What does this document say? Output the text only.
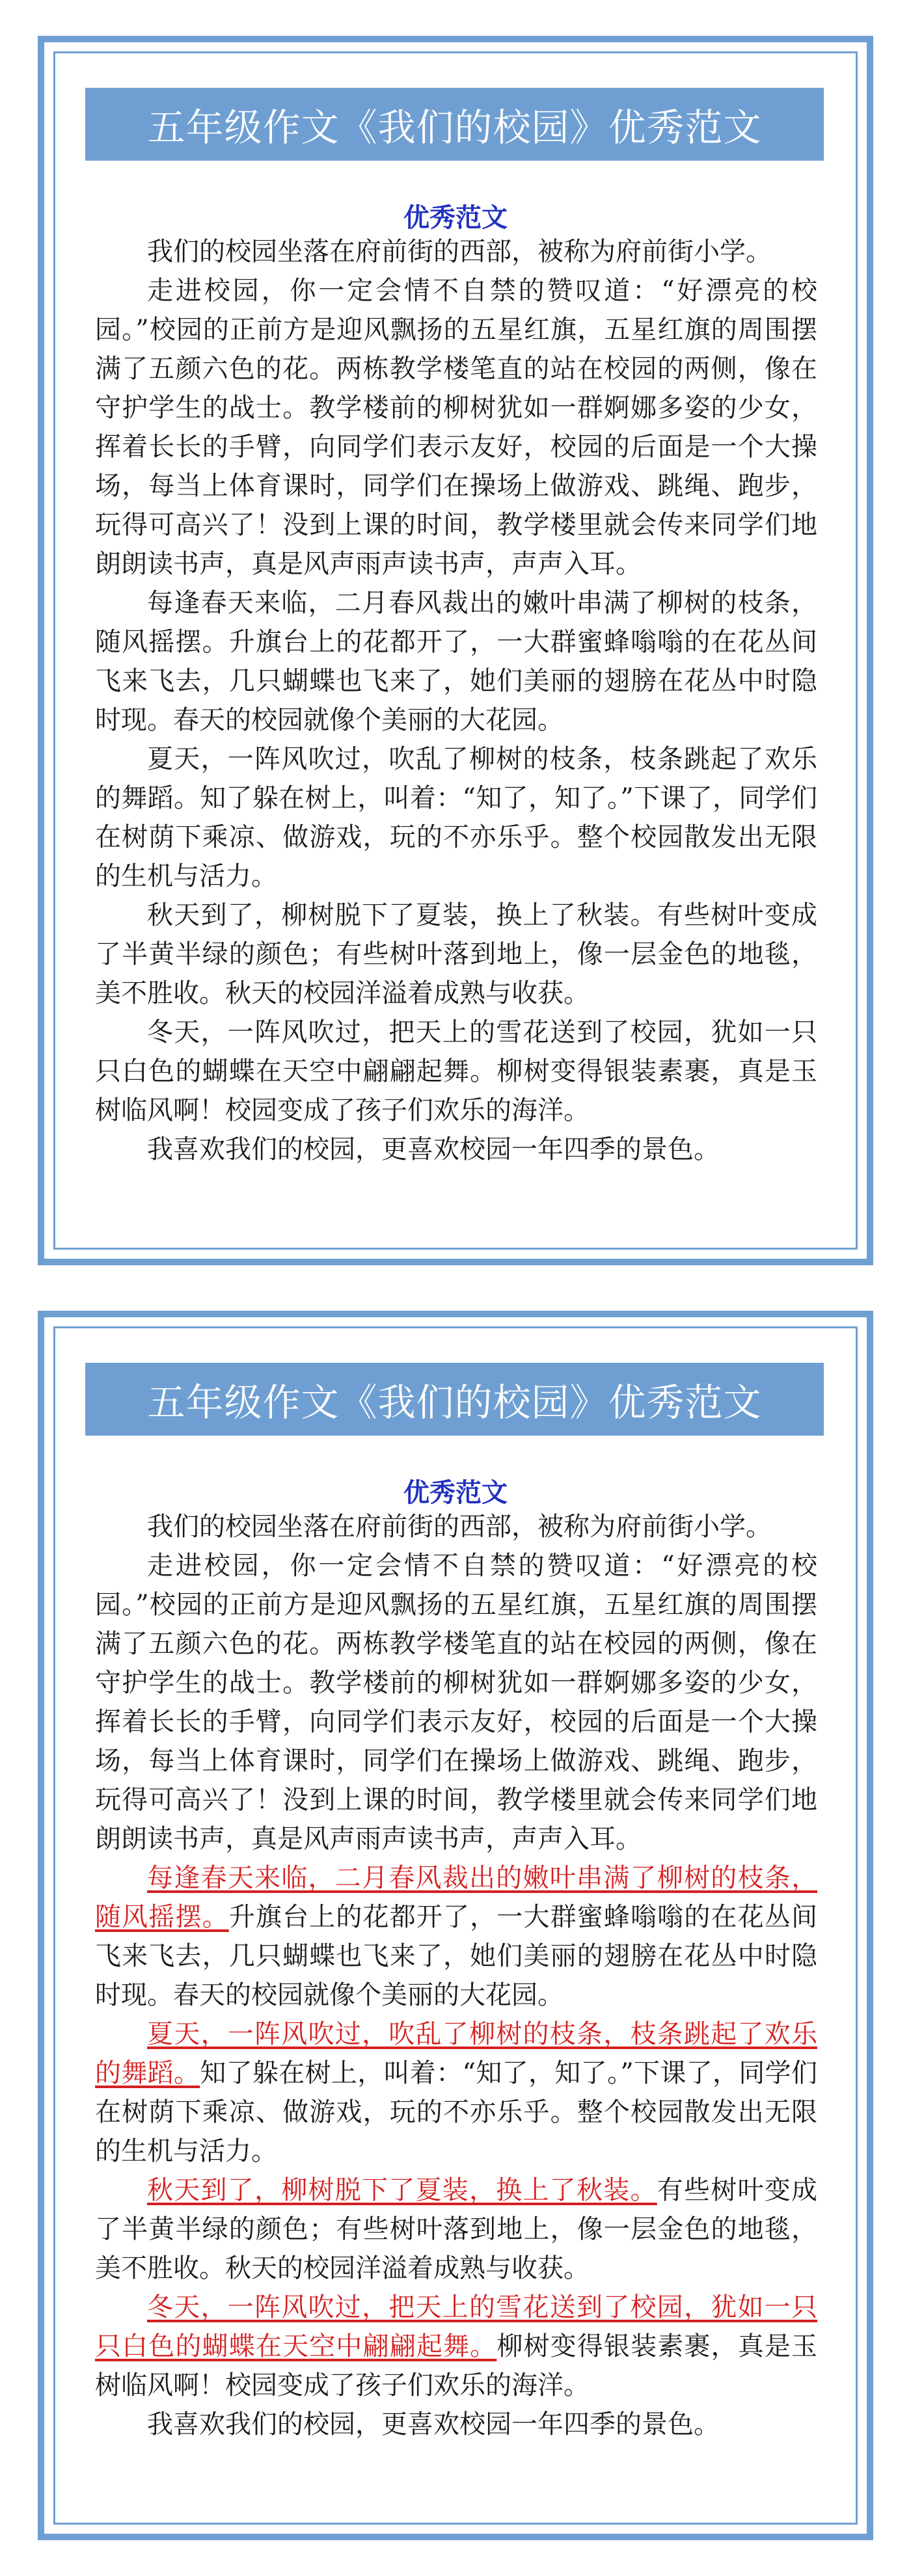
五年级作文《我们的校园》优秀范文
优秀范文

我们的校园坐落在府前街的西部，被称为府前街小学。

走进校园，你一定会情不自禁的赞叹道：“好漂亮的校园。”校园的正前方是迎风飘扬的五星红旗，五星红旗的周围摆满了五颜六色的花。两栋教学楼笔直的站在校园的两侧，像在守护学生的战士。教学楼前的柳树犹如一群婀娜多姿的少女，挥着长长的手臂，向同学们表示友好，校园的后面是一个大操场，每当上体育课时，同学们在操场上做游戏、跳绳、跑步，玩得可高兴了！没到上课的时间，教学楼里就会传来同学们地朗朗读书声，真是风声雨声读书声，声声入耳。

每逢春天来临，二月春风裁出的嫩叶串满了柳树的枝条，随风摇摆。升旗台上的花都开了，一大群蜜蜂嗡嗡的在花丛间飞来飞去，几只蝴蝶也飞来了，她们美丽的翅膀在花丛中时隐时现。春天的校园就像个美丽的大花园。

夏天，一阵风吹过，吹乱了柳树的枝条，枝条跳起了欢乐的舞蹈。知了躲在树上，叫着：“知了，知了。”下课了，同学们在树荫下乘凉、做游戏，玩的不亦乐乎。整个校园散发出无限的生机与活力。

秋天到了，柳树脱下了夏装，换上了秋装。有些树叶变成了半黄半绿的颜色；有些树叶落到地上，像一层金色的地毯，美不胜收。秋天的校园洋溢着成熟与收获。

冬天，一阵风吹过，把天上的雪花送到了校园，犹如一只只白色的蝴蝶在天空中翩翩起舞。柳树变得银装素裹，真是玉树临风啊！校园变成了孩子们欢乐的海洋。

我喜欢我们的校园，更喜欢校园一年四季的景色。

五年级作文《我们的校园》优秀范文
优秀范文

我们的校园坐落在府前街的西部，被称为府前街小学。

走进校园，你一定会情不自禁的赞叹道：“好漂亮的校园。”校园的正前方是迎风飘扬的五星红旗，五星红旗的周围摆满了五颜六色的花。两栋教学楼笔直的站在校园的两侧，像在守护学生的战士。教学楼前的柳树犹如一群婀娜多姿的少女，挥着长长的手臂，向同学们表示友好，校园的后面是一个大操场，每当上体育课时，同学们在操场上做游戏、跳绳、跑步，玩得可高兴了！没到上课的时间，教学楼里就会传来同学们地朗朗读书声，真是风声雨声读书声，声声入耳。

每逢春天来临，二月春风裁出的嫩叶串满了柳树的枝条，随风摇摆。升旗台上的花都开了，一大群蜜蜂嗡嗡的在花丛间飞来飞去，几只蝴蝶也飞来了，她们美丽的翅膀在花丛中时隐时现。春天的校园就像个美丽的大花园。

夏天，一阵风吹过，吹乱了柳树的枝条，枝条跳起了欢乐的舞蹈。知了躲在树上，叫着：“知了，知了。”下课了，同学们在树荫下乘凉、做游戏，玩的不亦乐乎。整个校园散发出无限的生机与活力。

秋天到了，柳树脱下了夏装，换上了秋装。有些树叶变成了半黄半绿的颜色；有些树叶落到地上，像一层金色的地毯，美不胜收。秋天的校园洋溢着成熟与收获。

冬天，一阵风吹过，把天上的雪花送到了校园，犹如一只只白色的蝴蝶在天空中翩翩起舞。柳树变得银装素裹，真是玉树临风啊！校园变成了孩子们欢乐的海洋。

我喜欢我们的校园，更喜欢校园一年四季的景色。
